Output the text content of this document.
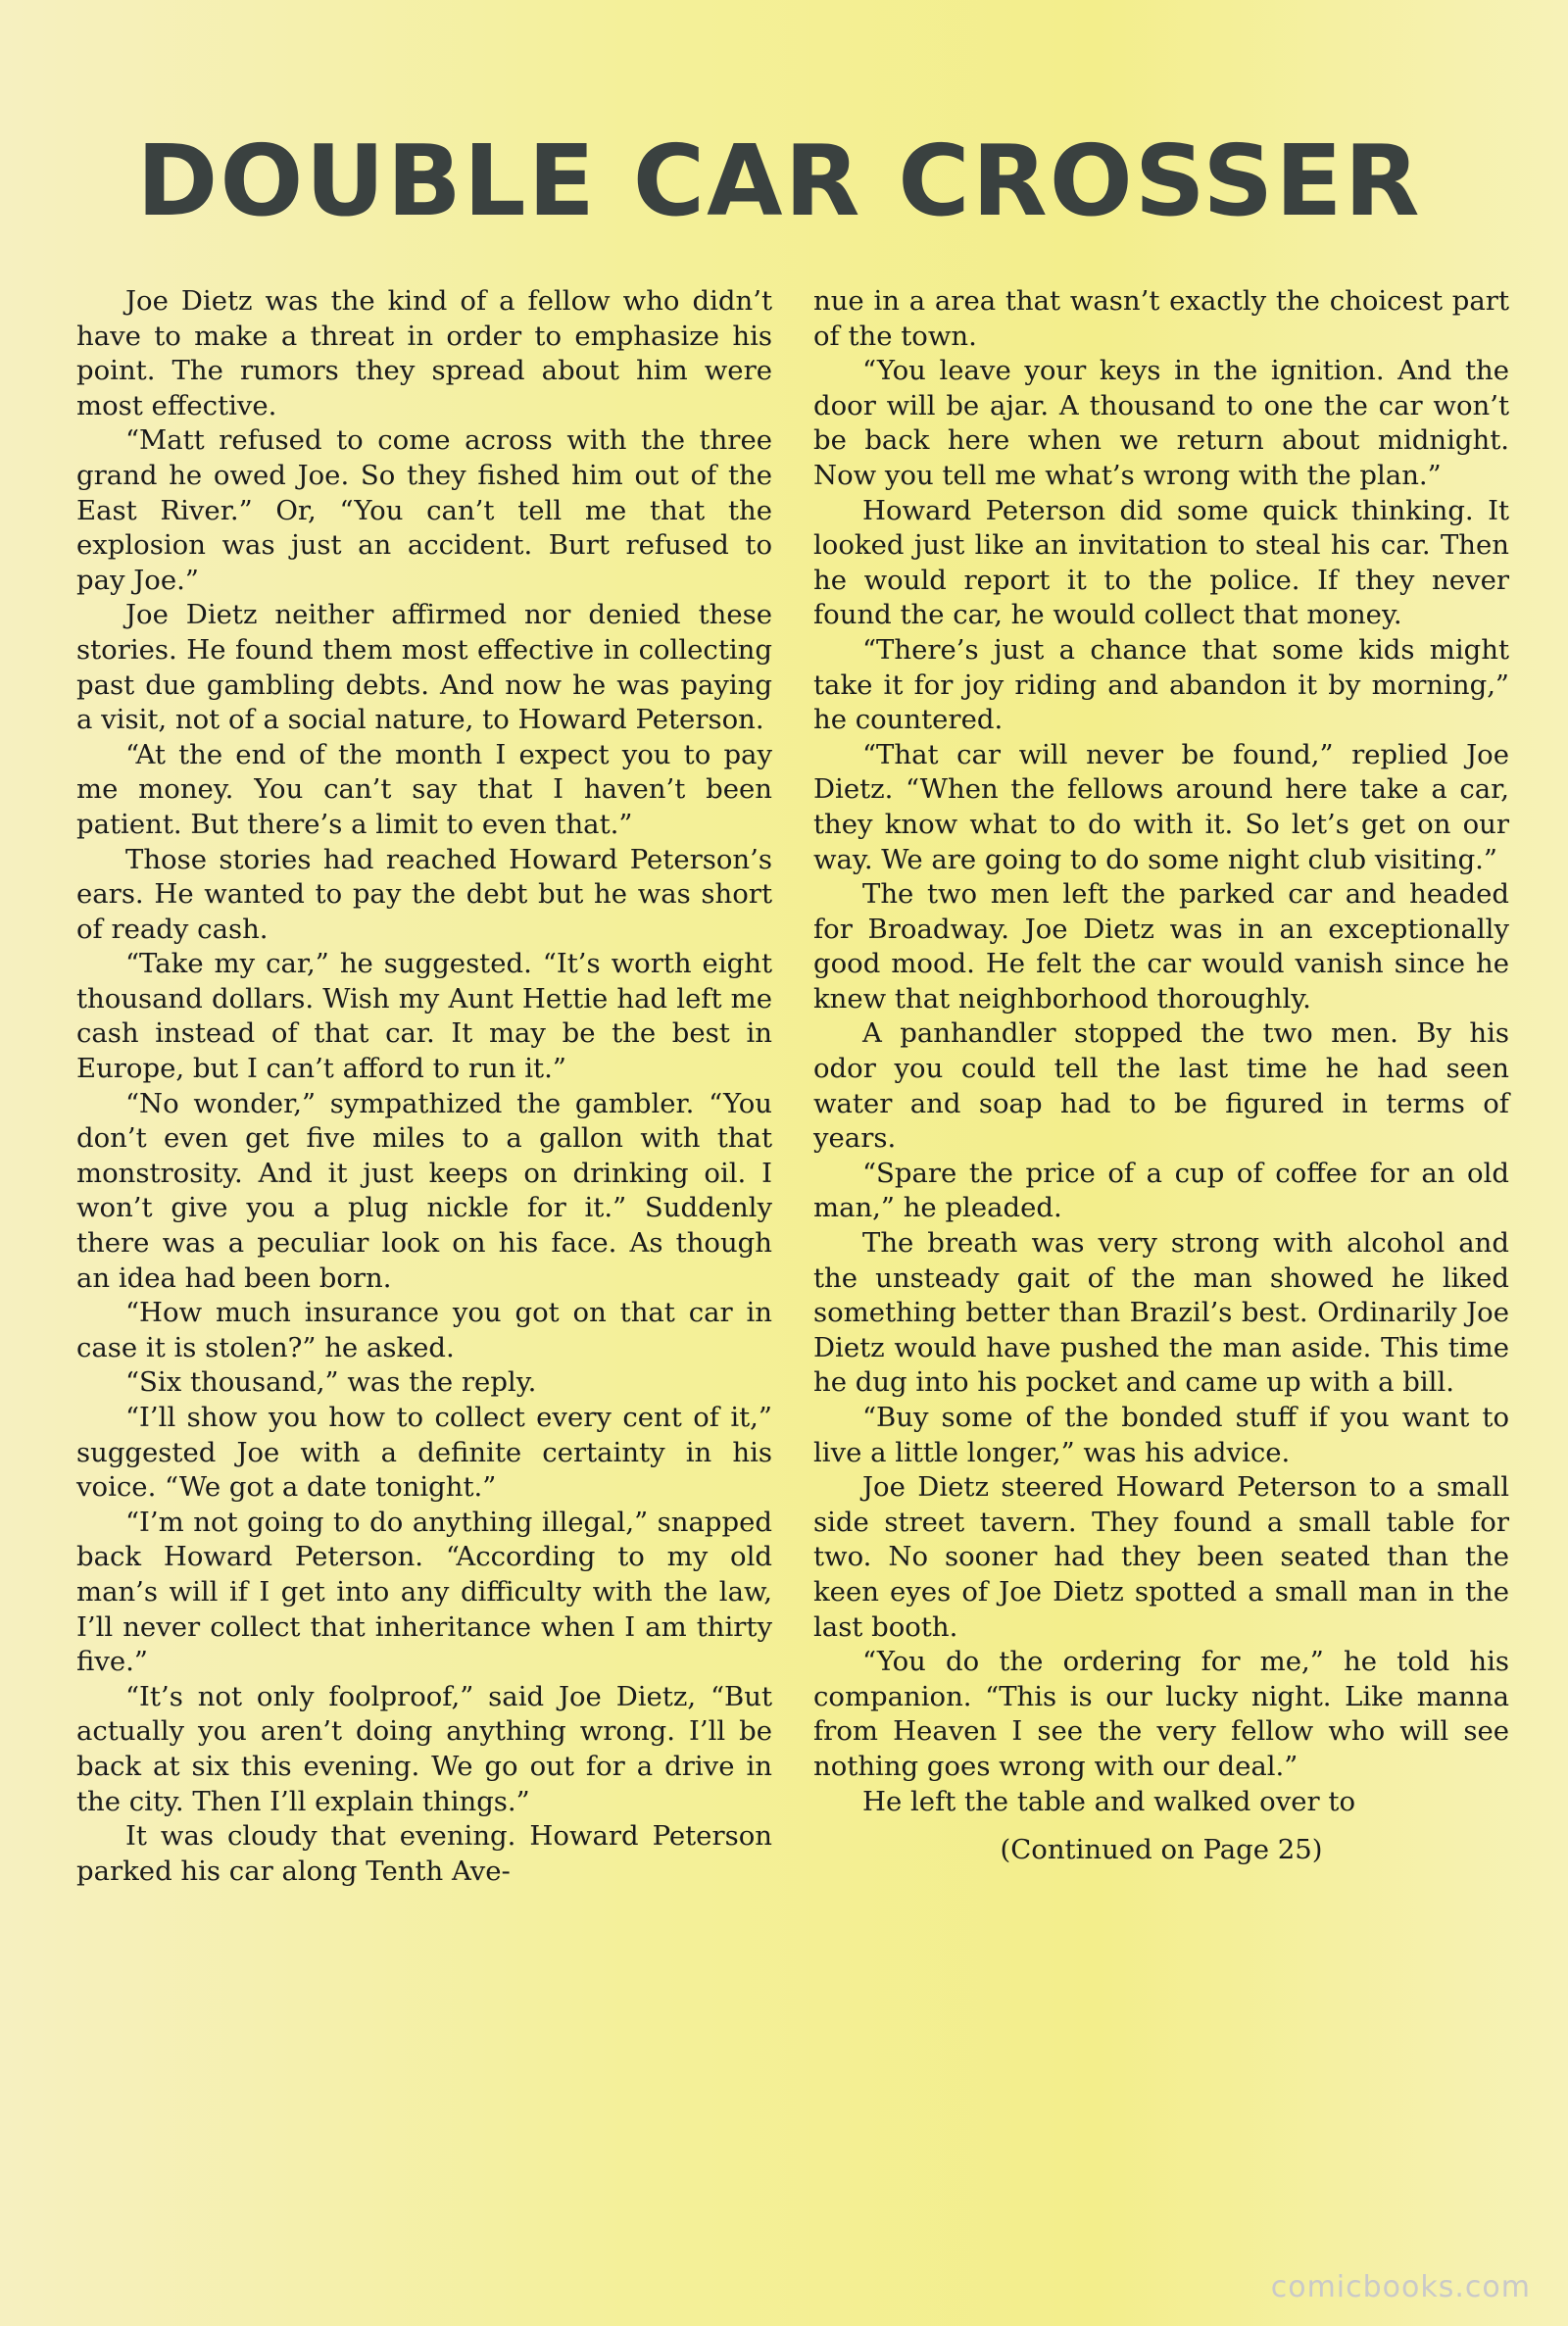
DOUBLE CAR CROSSER

Joe Dietz was the kind of a fellow who didn’t have to make a threat in order to emphasize his point. The rumors they spread about him were most effective.

“Matt refused to come across with the three grand he owed Joe. So they fished him out of the East River.” Or, “You can’t tell me that the explosion was just an accident. Burt refused to pay Joe.”

Joe Dietz neither affirmed nor denied these stories. He found them most effective in collecting past due gambling debts. And now he was paying a visit, not of a social nature, to Howard Peterson.

“At the end of the month I expect you to pay me money. You can’t say that I haven’t been patient. But there’s a limit to even that.”

Those stories had reached Howard Peterson’s ears. He wanted to pay the debt but he was short of ready cash.

“Take my car,” he suggested. “It’s worth eight thousand dollars. Wish my Aunt Hettie had left me cash instead of that car. It may be the best in Europe, but I can’t afford to run it.”

“No wonder,” sympathized the gambler. “You don’t even get five miles to a gallon with that monstrosity. And it just keeps on drinking oil. I won’t give you a plug nickle for it.” Suddenly there was a peculiar look on his face. As though an idea had been born.

“How much insurance you got on that car in case it is stolen?” he asked.

“Six thousand,” was the reply.

“I’ll show you how to collect every cent of it,” suggested Joe with a definite certainty in his voice. “We got a date tonight.”

“I’m not going to do anything illegal,” snapped back Howard Peterson. “According to my old man’s will if I get into any difficulty with the law, I’ll never collect that inheritance when I am thirty five.”

“It’s not only foolproof,” said Joe Dietz, “But actually you aren’t doing anything wrong. I’ll be back at six this evening. We go out for a drive in the city. Then I’ll explain things.”

It was cloudy that evening. Howard Peterson parked his car along Tenth Ave-

nue in a area that wasn’t exactly the choicest part of the town.

“You leave your keys in the ignition. And the door will be ajar. A thousand to one the car won’t be back here when we return about midnight. Now you tell me what’s wrong with the plan.”

Howard Peterson did some quick thinking. It looked just like an invitation to steal his car. Then he would report it to the police. If they never found the car, he would collect that money.

“There’s just a chance that some kids might take it for joy riding and abandon it by morning,” he countered.

“That car will never be found,” replied Joe Dietz. “When the fellows around here take a car, they know what to do with it. So let’s get on our way. We are going to do some night club visiting.”

The two men left the parked car and headed for Broadway. Joe Dietz was in an exceptionally good mood. He felt the car would vanish since he knew that neighborhood thoroughly.

A panhandler stopped the two men. By his odor you could tell the last time he had seen water and soap had to be figured in terms of years.

“Spare the price of a cup of coffee for an old man,” he pleaded.

The breath was very strong with alcohol and the unsteady gait of the man showed he liked something better than Brazil’s best. Ordinarily Joe Dietz would have pushed the man aside. This time he dug into his pocket and came up with a bill.

“Buy some of the bonded stuff if you want to live a little longer,” was his advice.

Joe Dietz steered Howard Peterson to a small side street tavern. They found a small table for two. No sooner had they been seated than the keen eyes of Joe Dietz spotted a small man in the last booth.

“You do the ordering for me,” he told his companion. “This is our lucky night. Like manna from Heaven I see the very fellow who will see nothing goes wrong with our deal.”

He left the table and walked over to

(Continued on Page 25)

comicbooks.com
